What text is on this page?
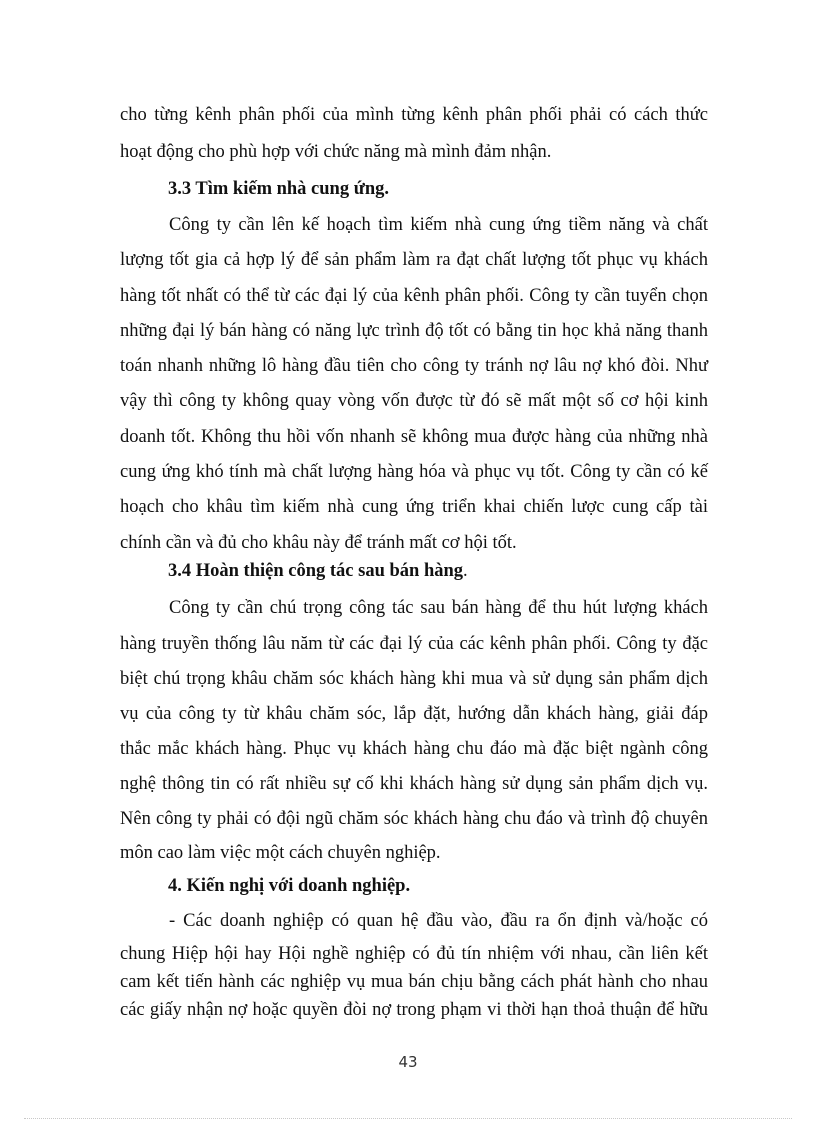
cho từng kênh phân phối của mình từng kênh phân phối phải có cách thức
hoạt động cho phù hợp với chức năng mà mình đảm nhận.
3.3 Tìm kiếm nhà cung ứng.
Công ty cần lên kế hoạch tìm kiếm nhà cung ứng tiềm năng và chất
lượng tốt gia cả hợp lý để sản phẩm làm ra đạt chất lượng tốt phục vụ khách
hàng tốt nhất có thể từ các đại lý của kênh phân phối. Công ty cần tuyển chọn
những đại lý bán hàng có năng lực trình độ tốt có bằng tin học khả năng thanh
toán nhanh những lô hàng đầu tiên cho công ty tránh nợ lâu nợ khó đòi. Như
vậy thì công ty không quay vòng vốn được từ đó sẽ mất một số cơ hội kinh
doanh tốt. Không thu hồi vốn nhanh sẽ không mua được hàng của những nhà
cung ứng khó tính mà chất lượng hàng hóa và phục vụ tốt. Công ty cần có kế
hoạch cho khâu tìm kiếm nhà cung ứng triển khai chiến lược cung cấp tài
chính cần và đủ cho khâu này để tránh mất cơ hội tốt.
3.4 Hoàn thiện công tác sau bán hàng.
Công ty cần chú trọng công tác sau bán hàng để thu hút lượng khách
hàng truyền thống lâu năm từ các đại lý của các kênh phân phối. Công ty đặc
biệt chú trọng khâu chăm sóc khách hàng khi mua và sử dụng sản phẩm dịch
vụ của công ty từ khâu chăm sóc, lắp đặt, hướng dẫn khách hàng, giải đáp
thắc mắc khách hàng. Phục vụ khách hàng chu đáo mà đặc biệt ngành công
nghệ thông tin có rất nhiều sự cố khi khách hàng sử dụng sản phẩm dịch vụ.
Nên công ty phải có đội ngũ chăm sóc khách hàng chu đáo và trình độ chuyên
môn cao làm việc một cách chuyên nghiệp.
4. Kiến nghị với doanh nghiệp.
- Các doanh nghiệp có quan hệ đầu vào, đầu ra ổn định và/hoặc có
chung Hiệp hội hay Hội nghề nghiệp có đủ tín nhiệm với nhau, cần liên kết
cam kết tiến hành các nghiệp vụ mua bán chịu bằng cách phát hành cho nhau
các giấy nhận nợ hoặc quyền đòi nợ trong phạm vi thời hạn thoả thuận để hữu
43
